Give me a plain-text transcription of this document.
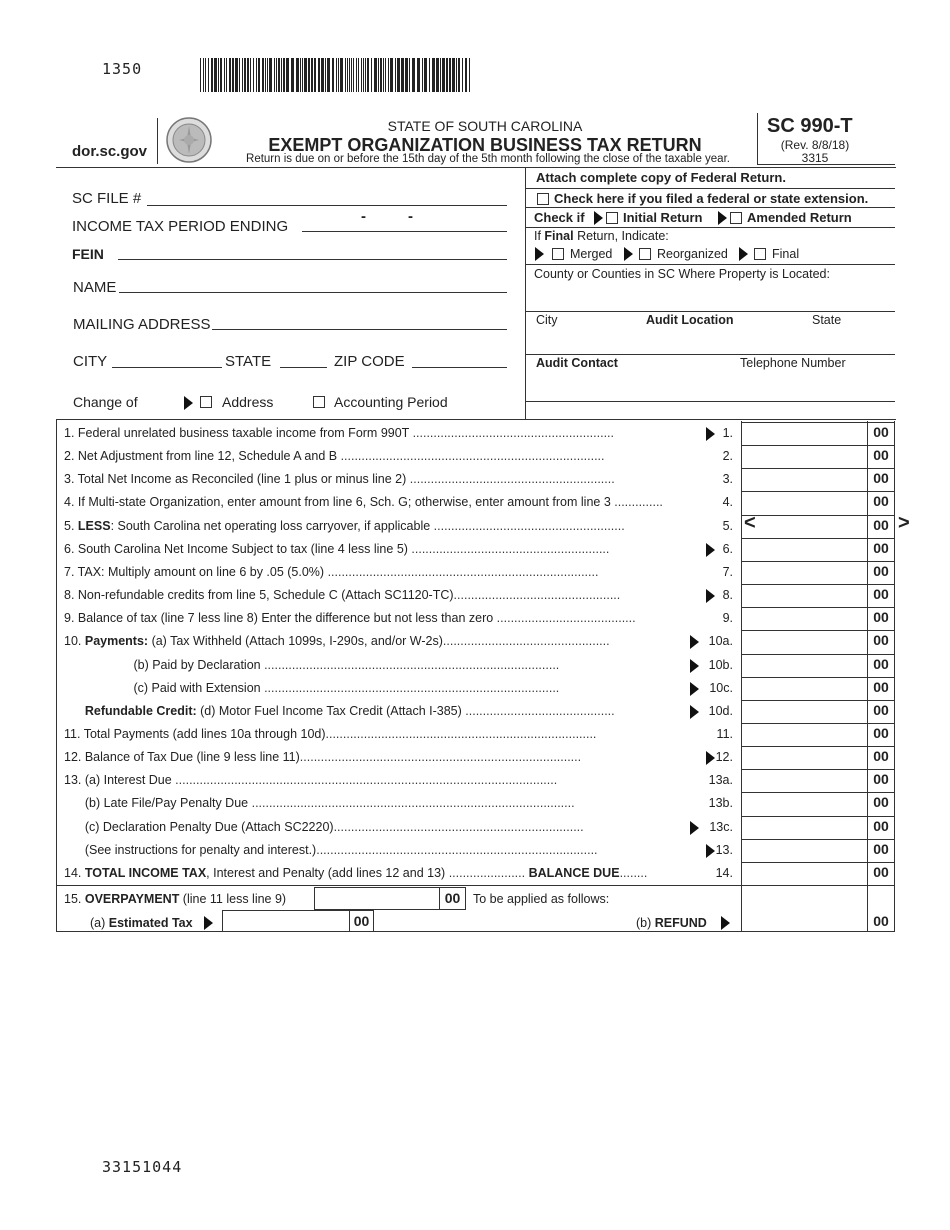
1350
33151044
dor.sc.gov
STATE OF SOUTH CAROLINA
EXEMPT ORGANIZATION BUSINESS TAX RETURN
Return is due on or before the 15th day of the 5th month following the close of the taxable year.
SC 990-T
(Rev. 8/8/18)
3315
SC FILE #
INCOME TAX PERIOD ENDING
-	-
FEIN
NAME
MAILING ADDRESS
CITY	STATE	ZIP CODE
Change of	Address	Accounting Period
Attach complete copy of Federal Return.
Check here if you filed a federal or state extension.
Check if	Initial Return	Amended Return
If Final Return, Indicate:
Merged	Reorganized	Final
County or Counties in SC Where Property is Located:
City	Audit Location	State
Audit Contact	Telephone Number
1. Federal unrelated business taxable income from Form 990T ..........................................................	1.	00
2. Net Adjustment from line 12, Schedule A and B ............................................................................	2.	00
3. Total Net Income as Reconciled (line 1 plus or minus line 2) ...........................................................	3.	00
4. If Multi-state Organization, enter amount from line 6, Sch. G; otherwise, enter amount from line 3 ..............	4.	00
5. LESS: South Carolina net operating loss carryover, if applicable .......................................................	5.	00
6. South Carolina Net Income Subject to tax (line 4 less line 5) .........................................................	6.	00
7. TAX: Multiply amount on line 6 by .05 (5.0%) ..............................................................................	7.	00
8. Non-refundable credits from line 5, Schedule C (Attach SC1120-TC)................................................	8.	00
9. Balance of tax (line 7 less line 8) Enter the difference but not less than zero ........................................	9.	00
10. Payments: (a) Tax Withheld (Attach 1099s, I-290s, and/or W-2s)................................................	10a.	00
(b) Paid by Declaration .....................................................................................	10b.	00
(c) Paid with Extension .....................................................................................	10c.	00
Refundable Credit: (d) Motor Fuel Income Tax Credit (Attach I-385) ...........................................	10d.	00
11. Total Payments (add lines 10a through 10d)..............................................................................	11.	00
12. Balance of Tax Due (line 9 less line 11).................................................................................	12.	00
13. (a) Interest Due ..............................................................................................................	13a.	00
(b) Late File/Pay Penalty Due .............................................................................................	13b.	00
(c) Declaration Penalty Due (Attach SC2220)........................................................................	13c.	00
(See instructions for penalty and interest.).................................................................................	13.	00
14. TOTAL INCOME TAX, Interest and Penalty (add lines 12 and 13) ...................... BALANCE DUE........	14.	00
<	>
15. OVERPAYMENT (line 11 less line 9)	00	To be applied as follows:
(a) Estimated Tax	00	(b) REFUND	00
